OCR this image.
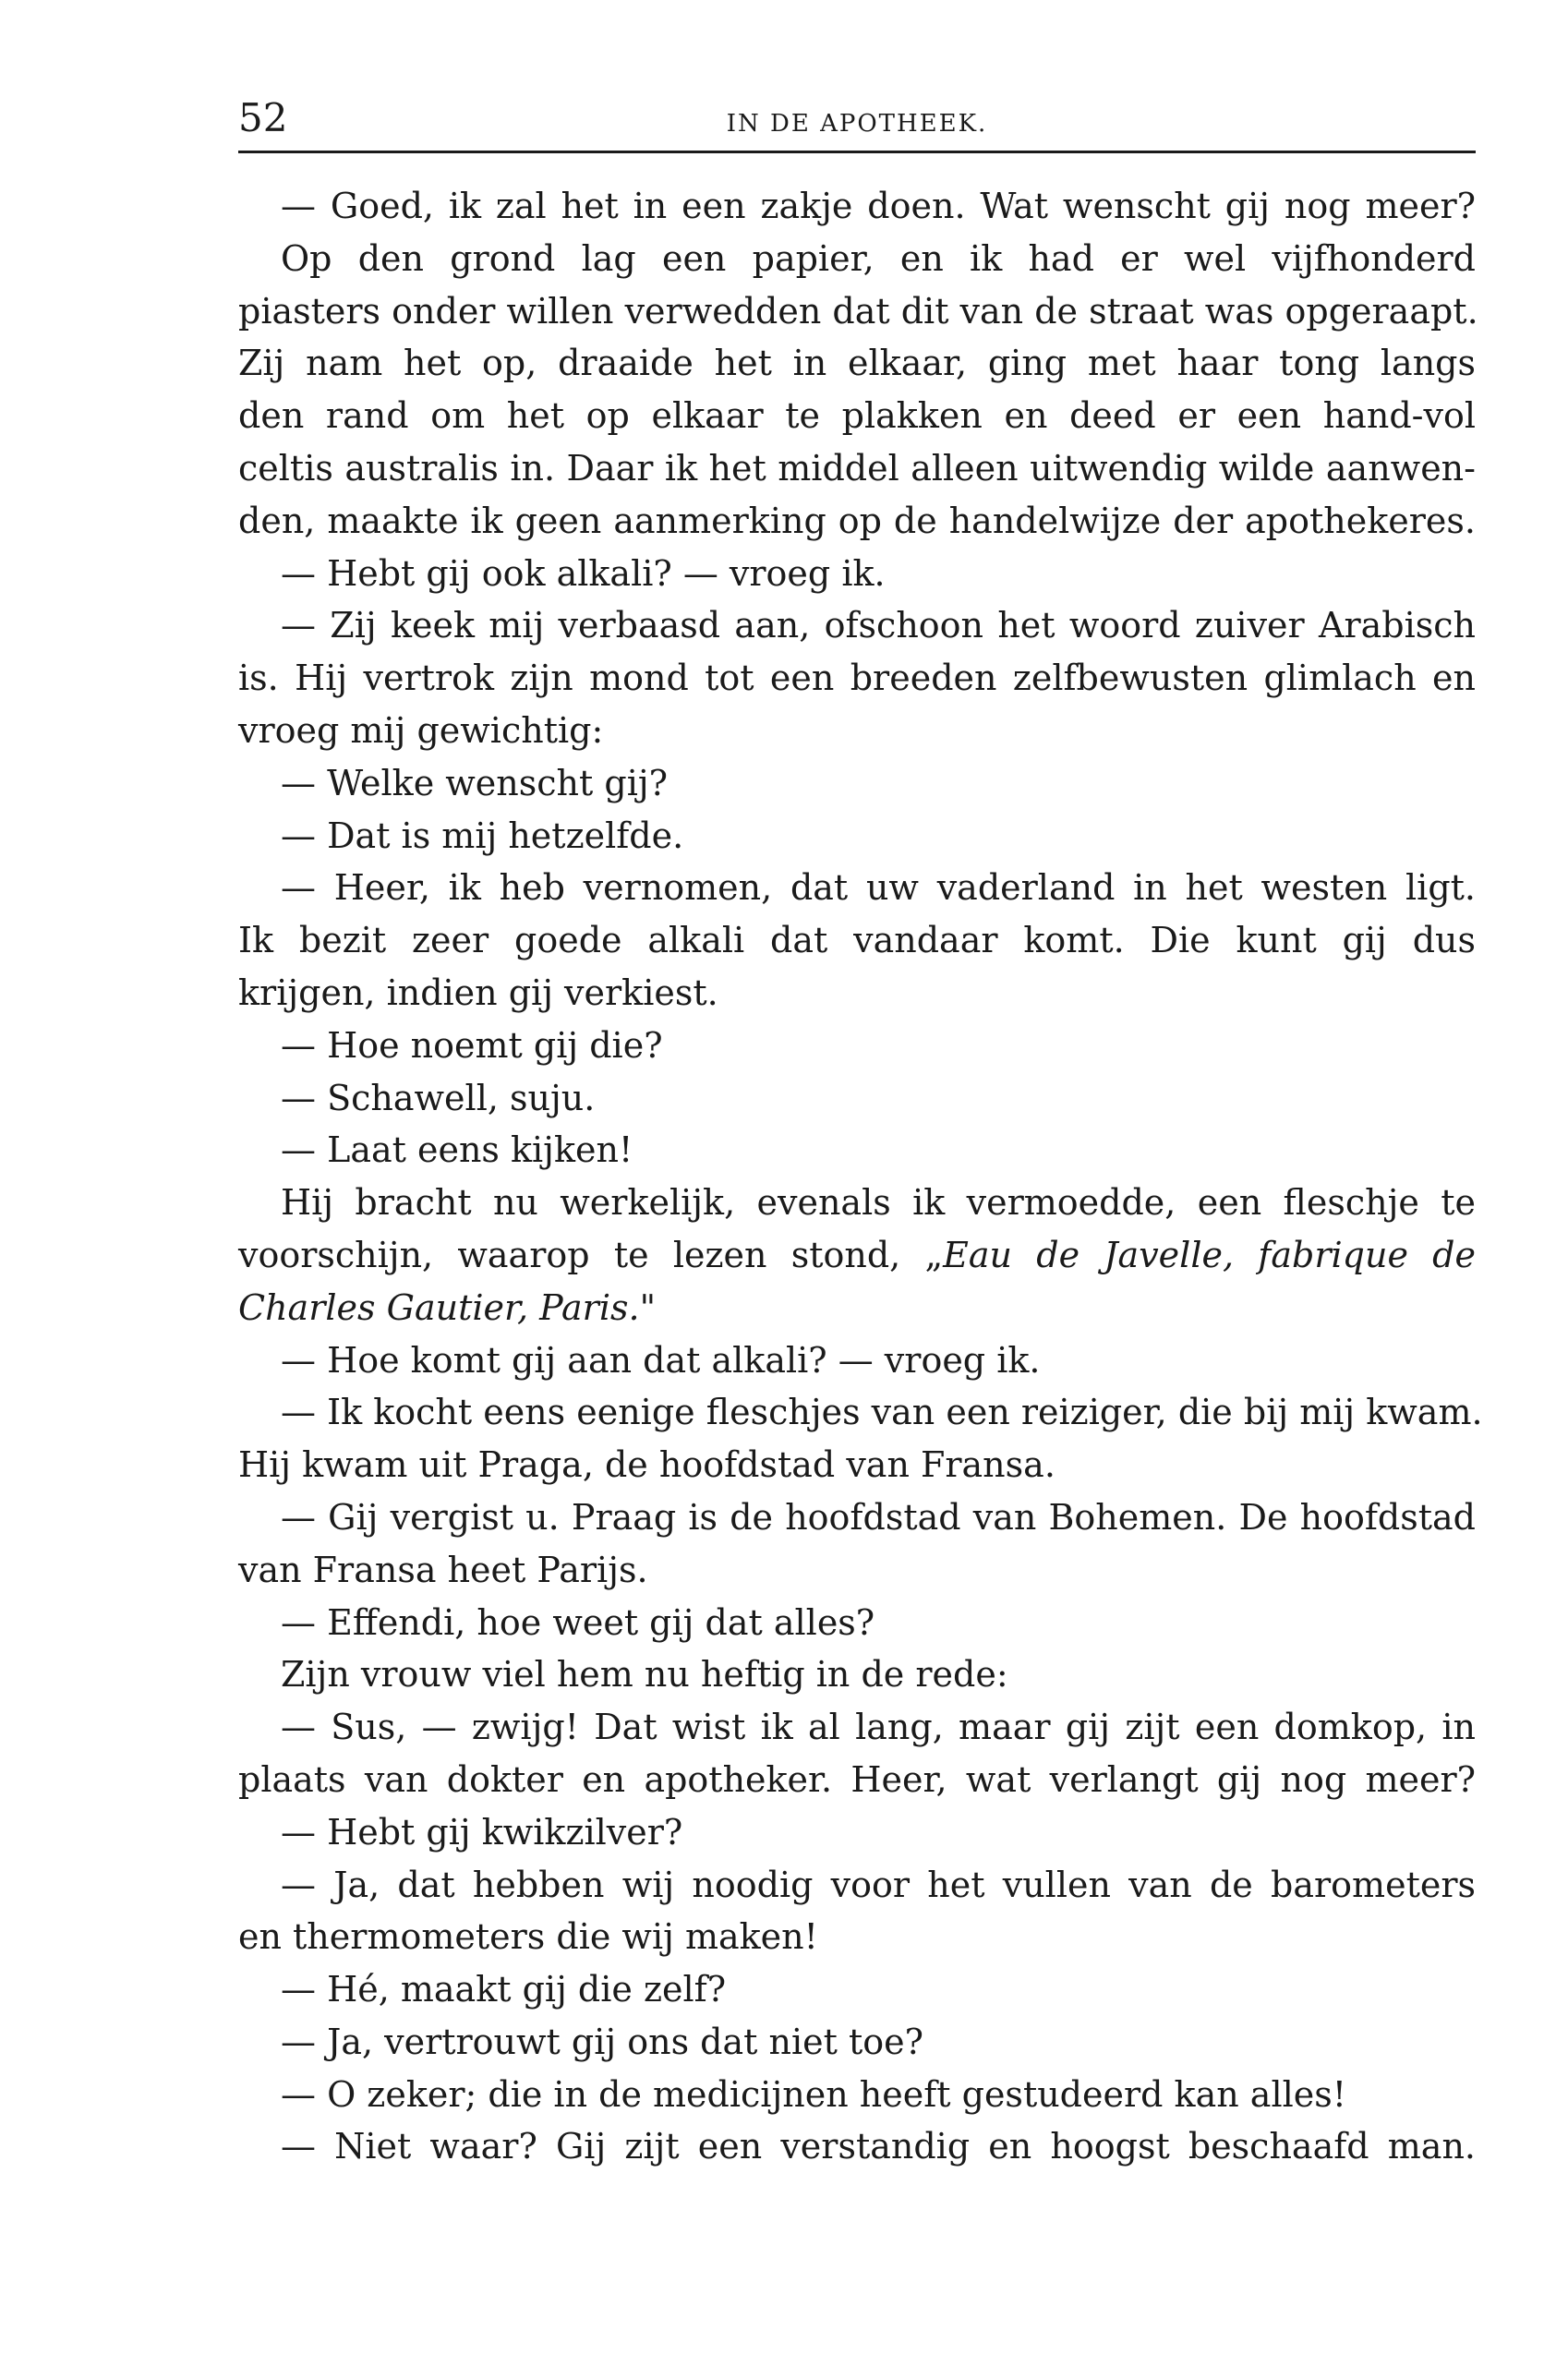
52	IN DE APOTHEEK.
— Goed, ik zal het in een zakje doen. Wat wenscht gij nog meer?
Op den grond lag een papier, en ik had er wel vijfhonderd
piasters onder willen verwedden dat dit van de straat was opgeraapt.
Zij nam het op, draaide het in elkaar, ging met haar tong langs
den rand om het op elkaar te plakken en deed er een hand-vol
celtis australis in. Daar ik het middel alleen uitwendig wilde aanwen-
den, maakte ik geen aanmerking op de handelwijze der apothekeres.
— Hebt gij ook alkali? — vroeg ik.
— Zij keek mij verbaasd aan, ofschoon het woord zuiver Arabisch
is. Hij vertrok zijn mond tot een breeden zelfbewusten glimlach en
vroeg mij gewichtig:
— Welke wenscht gij?
— Dat is mij hetzelfde.
— Heer, ik heb vernomen, dat uw vaderland in het westen ligt.
Ik bezit zeer goede alkali dat vandaar komt. Die kunt gij dus
krijgen, indien gij verkiest.
— Hoe noemt gij die?
— Schawell, suju.
— Laat eens kijken!
Hij bracht nu werkelijk, evenals ik vermoedde, een fleschje te
voorschijn, waarop te lezen stond, „Eau de Javelle, fabrique de
Charles Gautier, Paris."
— Hoe komt gij aan dat alkali? — vroeg ik.
— Ik kocht eens eenige fleschjes van een reiziger, die bij mij kwam.
Hij kwam uit Praga, de hoofdstad van Fransa.
— Gij vergist u. Praag is de hoofdstad van Bohemen. De hoofdstad
van Fransa heet Parijs.
— Effendi, hoe weet gij dat alles?
Zijn vrouw viel hem nu heftig in de rede:
— Sus, — zwijg! Dat wist ik al lang, maar gij zijt een domkop, in
plaats van dokter en apotheker. Heer, wat verlangt gij nog meer?
— Hebt gij kwikzilver?
— Ja, dat hebben wij noodig voor het vullen van de barometers
en thermometers die wij maken!
— Hé, maakt gij die zelf?
— Ja, vertrouwt gij ons dat niet toe?
— O zeker; die in de medicijnen heeft gestudeerd kan alles!
— Niet waar? Gij zijt een verstandig en hoogst beschaafd man.
